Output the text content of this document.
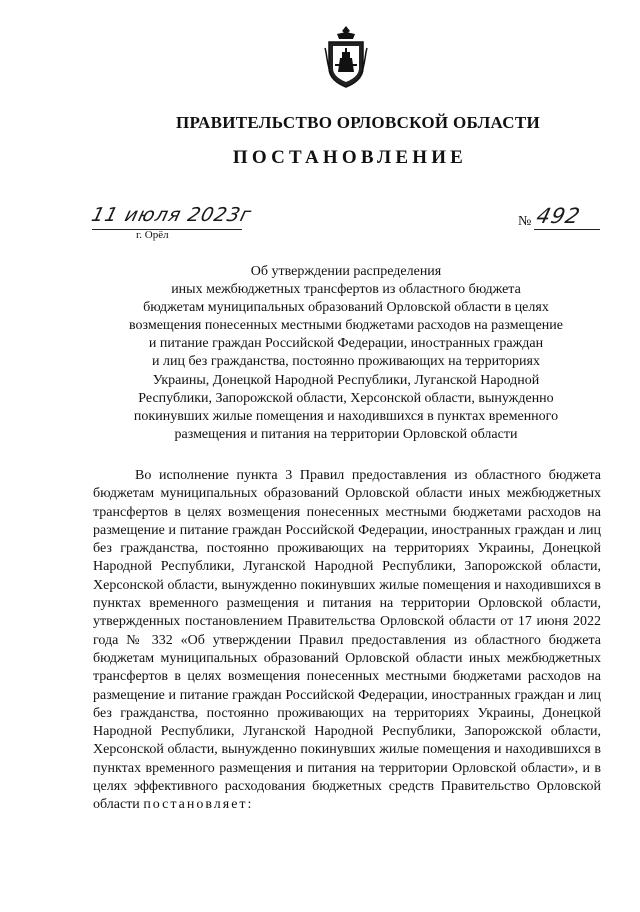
ПРАВИТЕЛЬСТВО ОРЛОВСКОЙ ОБЛАСТИ
ПОСТАНОВЛЕНИЕ
11 июля 2023г
г. Орёл
№ 492

Об утверждении распределения
иных межбюджетных трансфертов из областного бюджета
бюджетам муниципальных образований Орловской области в целях
возмещения понесенных местными бюджетами расходов на размещение
и питание граждан Российской Федерации, иностранных граждан
и лиц без гражданства, постоянно проживающих на территориях
Украины, Донецкой Народной Республики, Луганской Народной
Республики, Запорожской области, Херсонской области, вынужденно
покинувших жилые помещения и находившихся в пунктах временного
размещения и питания на территории Орловской области

Во исполнение пункта 3 Правил предоставления из областного бюджета бюджетам муниципальных образований Орловской области иных межбюджетных трансфертов в целях возмещения понесенных местными бюджетами расходов на размещение и питание граждан Российской Федерации, иностранных граждан и лиц без гражданства, постоянно проживающих на территориях Украины, Донецкой Народной Республики, Луганской Народной Республики, Запорожской области, Херсонской области, вынужденно покинувших жилые помещения и находившихся в пунктах временного размещения и питания на территории Орловской области, утвержденных постановлением Правительства Орловской области от 17 июня 2022 года № 332 «Об утверждении Правил предоставления из областного бюджета бюджетам муниципальных образований Орловской области иных межбюджетных трансфертов в целях возмещения понесенных местными бюджетами расходов на размещение и питание граждан Российской Федерации, иностранных граждан и лиц без гражданства, постоянно проживающих на территориях Украины, Донецкой Народной Республики, Луганской Народной Республики, Запорожской области, Херсонской области, вынужденно покинувших жилые помещения и находившихся в пунктах временного размещения и питания на территории Орловской области», и в целях эффективного расходования бюджетных средств Правительство Орловской области постановляет:
